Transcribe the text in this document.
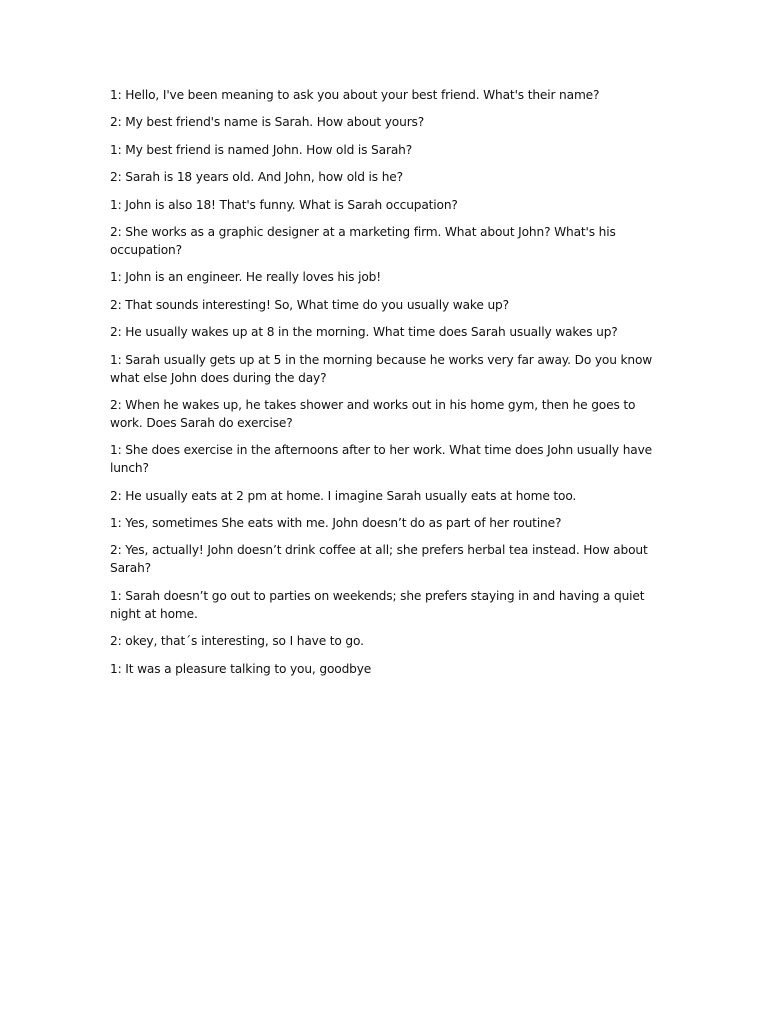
1: Hello, I've been meaning to ask you about your best friend. What's their name?

2: My best friend's name is Sarah. How about yours?

1: My best friend is named John. How old is Sarah?

2: Sarah is 18 years old. And John, how old is he?

1: John is also 18! That's funny. What is Sarah occupation?

2: She works as a graphic designer at a marketing firm. What about John? What's his occupation?

1: John is an engineer. He really loves his job!

2: That sounds interesting! So, What time do you usually wake up?

2: He usually wakes up at 8 in the morning. What time does Sarah usually wakes up?

1: Sarah usually gets up at 5 in the morning because he works very far away. Do you know what else John does during the day?

2: When he wakes up, he takes shower and works out in his home gym, then he goes to work. Does Sarah do exercise?

1: She does exercise in the afternoons after to her work. What time does John usually have lunch?

2: He usually eats at 2 pm at home. I imagine Sarah usually eats at home too.

1: Yes, sometimes She eats with me. John doesn’t do as part of her routine?

2: Yes, actually! John doesn’t drink coffee at all; she prefers herbal tea instead. How about Sarah?

1: Sarah doesn’t go out to parties on weekends; she prefers staying in and having a quiet night at home.

2: okey, that´s interesting, so I have to go.

1: It was a pleasure talking to you, goodbye
